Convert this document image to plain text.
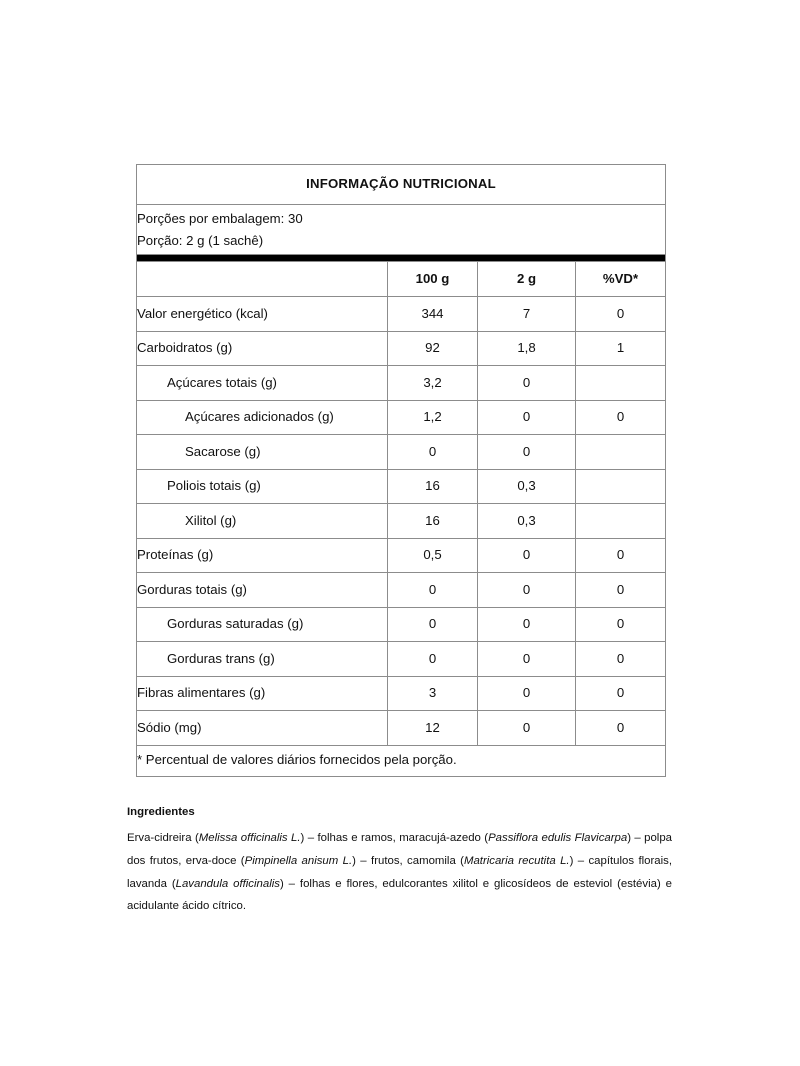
INFORMAÇÃO NUTRICIONAL			

Porções por embalagem: 30
Porção: 2 g (1 sachê)			

	100 g	2 g	%VD*
Valor energético (kcal)	344	7	0
Carboidratos (g)	92	1,8	1
Açúcares totais (g)	3,2	0	
Açúcares adicionados (g)	1,2	0	0
Sacarose (g)	0	0	
Poliois totais (g)	16	0,3	
Xilitol (g)	16	0,3	
Proteínas (g)	0,5	0	0
Gorduras totais (g)	0	0	0
Gorduras saturadas (g)	0	0	0
Gorduras trans (g)	0	0	0
Fibras alimentares (g)	3	0	0
Sódio (mg)	12	0	0
* Percentual de valores diários fornecidos pela porção.			
Ingredientes
Erva-cidreira (Melissa officinalis L.) – folhas e ramos, maracujá-azedo (Passiflora edulis Flavicarpa) – polpa dos frutos, erva-doce (Pimpinella anisum L.) – frutos, camomila (Matricaria recutita L.) – capítulos florais, lavanda (Lavandula officinalis) – folhas e flores, edulcorantes xilitol e glicosídeos de esteviol (estévia) e acidulante ácido cítrico.
